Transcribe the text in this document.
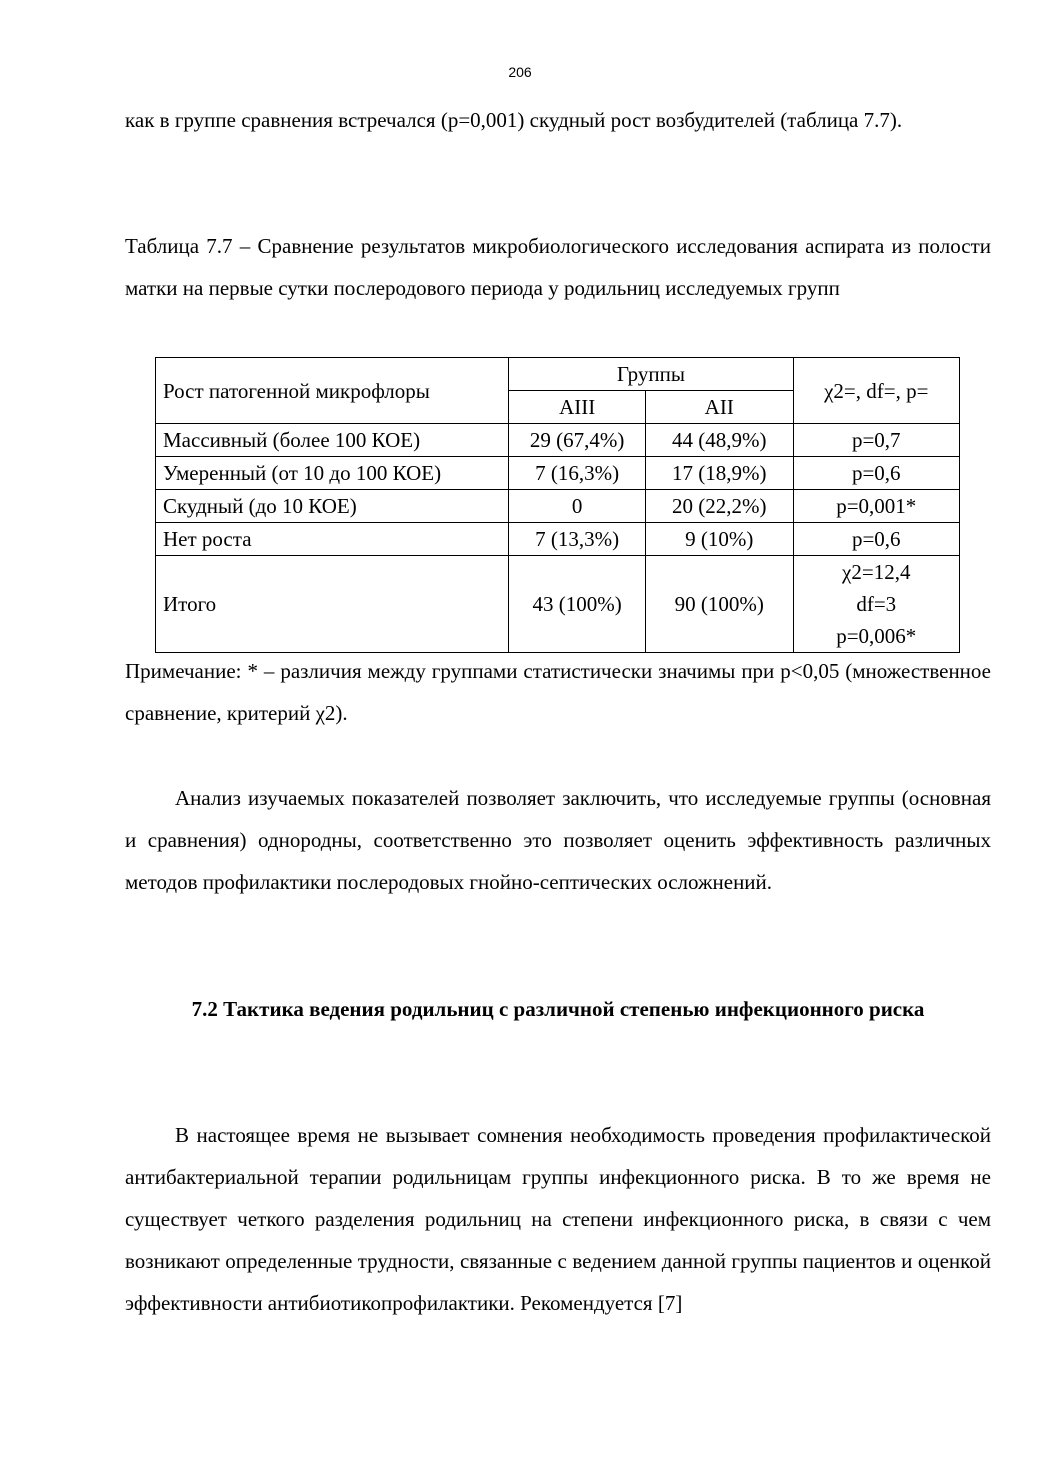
206

как в группе сравнения встречался (р=0,001) скудный рост возбудителей (таблица 7.7).

Таблица 7.7 – Сравнение результатов микробиологического исследования аспирата из полости матки на первые сутки послеродового периода у родильниц исследуемых групп

Рост патогенной микрофлоры	Группы		χ2=, df=, p=
	АIII	АII	
Массивный (более 100 КОЕ)	29 (67,4%)	44 (48,9%)	p=0,7
Умеренный (от 10 до 100 КОЕ)	7 (16,3%)	17 (18,9%)	p=0,6
Скудный (до 10 КОЕ)	0	20 (22,2%)	p=0,001*
Нет роста	7 (13,3%)	9 (10%)	p=0,6
Итого	43 (100%)	90 (100%)	χ2=12,4
df=3
p=0,006*

Примечание: * – различия между группами статистически значимы при p<0,05 (множественное сравнение, критерий χ2).

Анализ изучаемых показателей позволяет заключить, что исследуемые группы (основная и сравнения) однородны, соответственно это позволяет оценить эффективность различных методов профилактики послеродовых гнойно-септических осложнений.

7.2 Тактика ведения родильниц с различной степенью инфекционного риска

В настоящее время не вызывает сомнения необходимость проведения профилактической антибактериальной терапии родильницам группы инфекционного риска. В то же время не существует четкого разделения родильниц на степени инфекционного риска, в связи с чем возникают определенные трудности, связанные с ведением данной группы пациентов и оценкой эффективности антибиотикопрофилактики. Рекомендуется [7]
